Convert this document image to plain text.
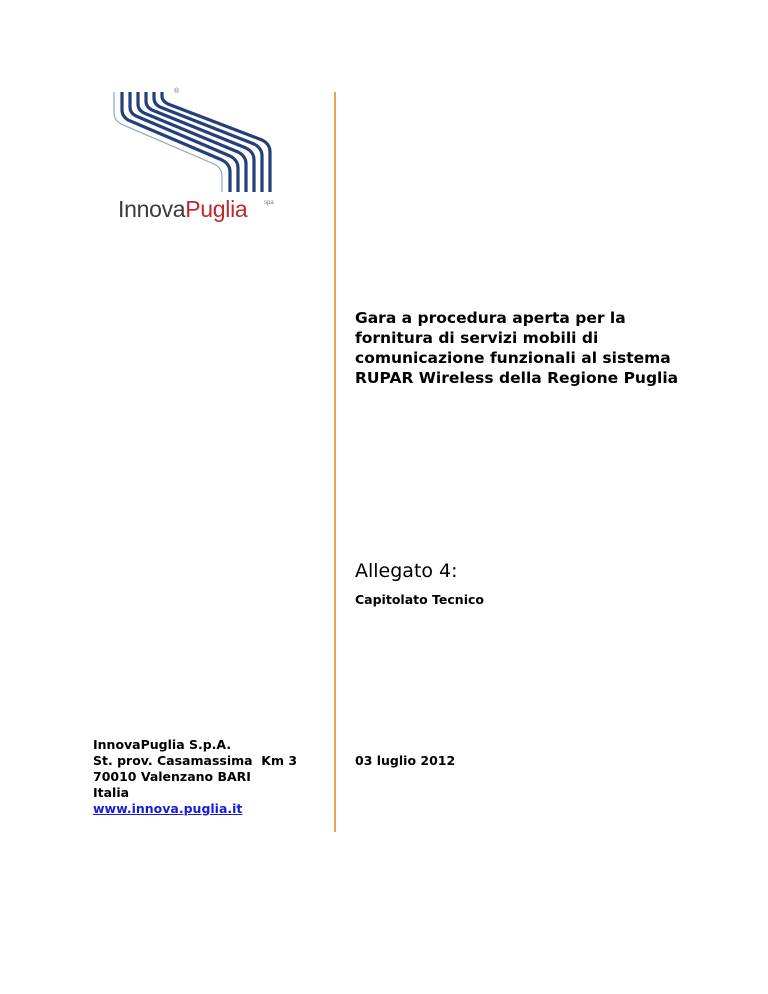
®
InnovaPuglia	spa
Gara a procedura aperta per la fornitura di servizi mobili di comunicazione funzionali al sistema RUPAR Wireless della Regione Puglia
Allegato 4:
Capitolato Tecnico
InnovaPuglia S.p.A.
St. prov. Casamassima  Km 3
70010 Valenzano BARI
Italia
www.innova.puglia.it
03 luglio 2012
